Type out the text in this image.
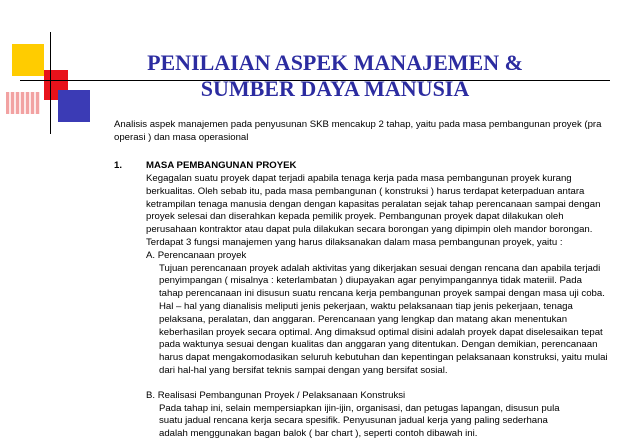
PENILAIAN ASPEK MANAJEMEN &
SUMBER DAYA MANUSIA
Analisis aspek manajemen pada penyusunan SKB mencakup 2 tahap, yaitu pada masa pembangunan proyek (pra
operasi ) dan masa operasional
1. MASA PEMBANGUNAN PROYEK
Kegagalan suatu proyek dapat terjadi apabila tenaga kerja pada masa pembangunan proyek kurang
berkualitas. Oleh sebab itu, pada masa pembangunan ( konstruksi ) harus terdapat keterpaduan antara
ketrampilan tenaga manusia dengan dengan kapasitas peralatan sejak tahap perencanaan sampai dengan
proyek selesai dan diserahkan kepada pemilik proyek. Pembangunan proyek dapat dilakukan oleh
perusahaan kontraktor atau dapat pula dilakukan secara borongan yang dipimpin oleh mandor borongan.
Terdapat 3 fungsi manajemen yang harus dilaksanakan dalam masa pembangunan proyek, yaitu :
A. Perencanaan proyek
Tujuan perencanaan proyek adalah aktivitas yang dikerjakan sesuai dengan rencana dan apabila terjadi
penyimpangan ( misalnya : keterlambatan ) diupayakan agar penyimpangannya tidak materiil. Pada
tahap perencanaan ini disusun suatu rencana kerja pembangunan proyek sampai dengan masa uji coba.
Hal – hal yang dianalisis meliputi jenis pekerjaan, waktu pelaksanaan tiap jenis pekerjaan, tenaga
pelaksana, peralatan, dan anggaran. Perencanaan yang lengkap dan matang akan menentukan
keberhasilan proyek secara optimal. Ang dimaksud optimal disini adalah proyek dapat diselesaikan tepat
pada waktunya sesuai dengan kualitas dan anggaran yang ditentukan. Dengan demikian, perencanaan
harus dapat mengakomodasikan seluruh kebutuhan dan kepentingan pelaksanaan konstruksi, yaitu mulai
dari hal-hal yang bersifat teknis sampai dengan yang bersifat sosial.
B. Realisasi Pembangunan Proyek / Pelaksanaan Konstruksi
Pada tahap ini, selain mempersiapkan ijin-ijin, organisasi, dan petugas lapangan, disusun pula
suatu jadual rencana kerja secara spesifik. Penyusunan jadual kerja yang paling sederhana
adalah menggunakan bagan balok ( bar chart ), seperti contoh dibawah ini.
